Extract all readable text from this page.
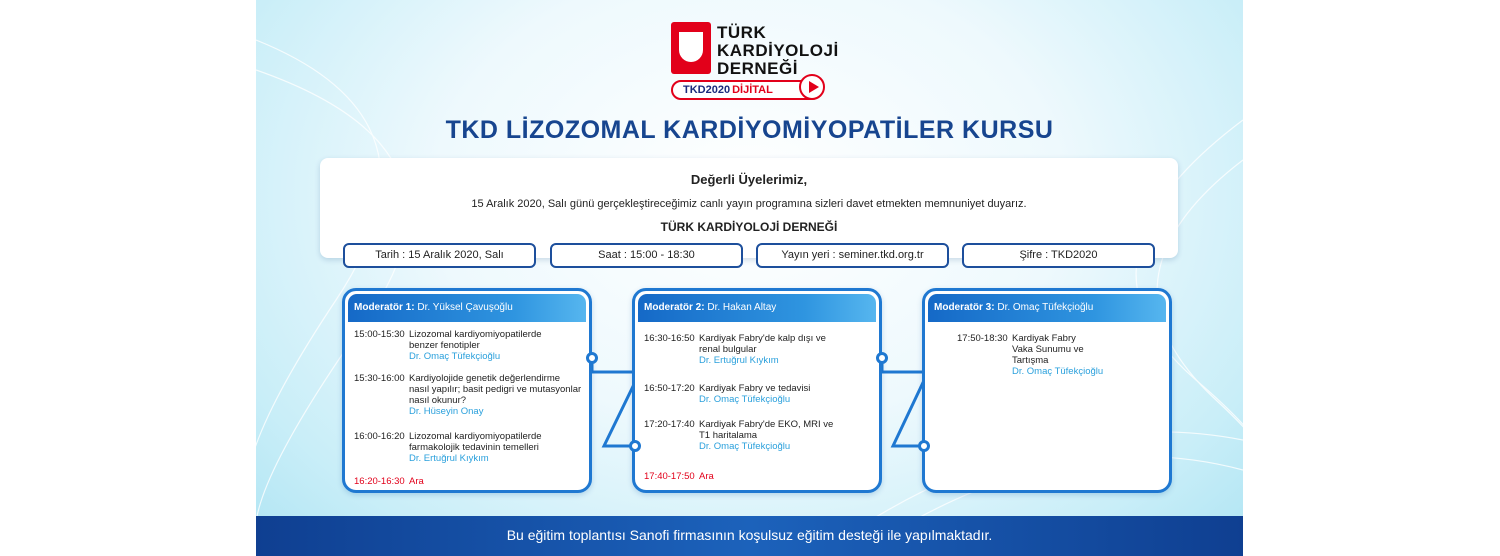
TÜRK
KARDİYOLOJİ
DERNEĞİ
TKD2020 DİJİTAL
TKD LİZOZOMAL KARDİYOMİYOPATİLER KURSU
Değerli Üyelerimiz,
15 Aralık 2020, Salı günü gerçekleştireceğimiz canlı yayın programına sizleri davet etmekten memnuniyet duyarız.
TÜRK KARDİYOLOJİ DERNEĞİ
Tarih : 15 Aralık 2020, Salı	Saat : 15:00 - 18:30	Yayın yeri : seminer.tkd.org.tr	Şifre : TKD2020
Moderatör 1: Dr. Yüksel Çavuşoğlu
15:00-15:30 Lizozomal kardiyomiyopatilerde
benzer fenotipler
Dr. Omaç Tüfekçioğlu
15:30-16:00 Kardiyolojide genetik değerlendirme
nasıl yapılır; basit pedigri ve mutasyonlar
nasıl okunur?
Dr. Hüseyin Onay
16:00-16:20 Lizozomal kardiyomiyopatilerde
farmakolojik tedavinin temelleri
Dr. Ertuğrul Kıykım
16:20-16:30 Ara
Moderatör 2: Dr. Hakan Altay
16:30-16:50 Kardiyak Fabry'de kalp dışı ve
renal bulgular
Dr. Ertuğrul Kıykım
16:50-17:20 Kardiyak Fabry ve tedavisi
Dr. Omaç Tüfekçioğlu
17:20-17:40 Kardiyak Fabry'de EKO, MRI ve
T1 haritalama
Dr. Omaç Tüfekçioğlu
17:40-17:50 Ara
Moderatör 3: Dr. Omaç Tüfekçioğlu
17:50-18:30 Kardiyak Fabry
Vaka Sunumu ve
Tartışma
Dr. Omaç Tüfekçioğlu
Bu eğitim toplantısı Sanofi firmasının koşulsuz eğitim desteği ile yapılmaktadır.
